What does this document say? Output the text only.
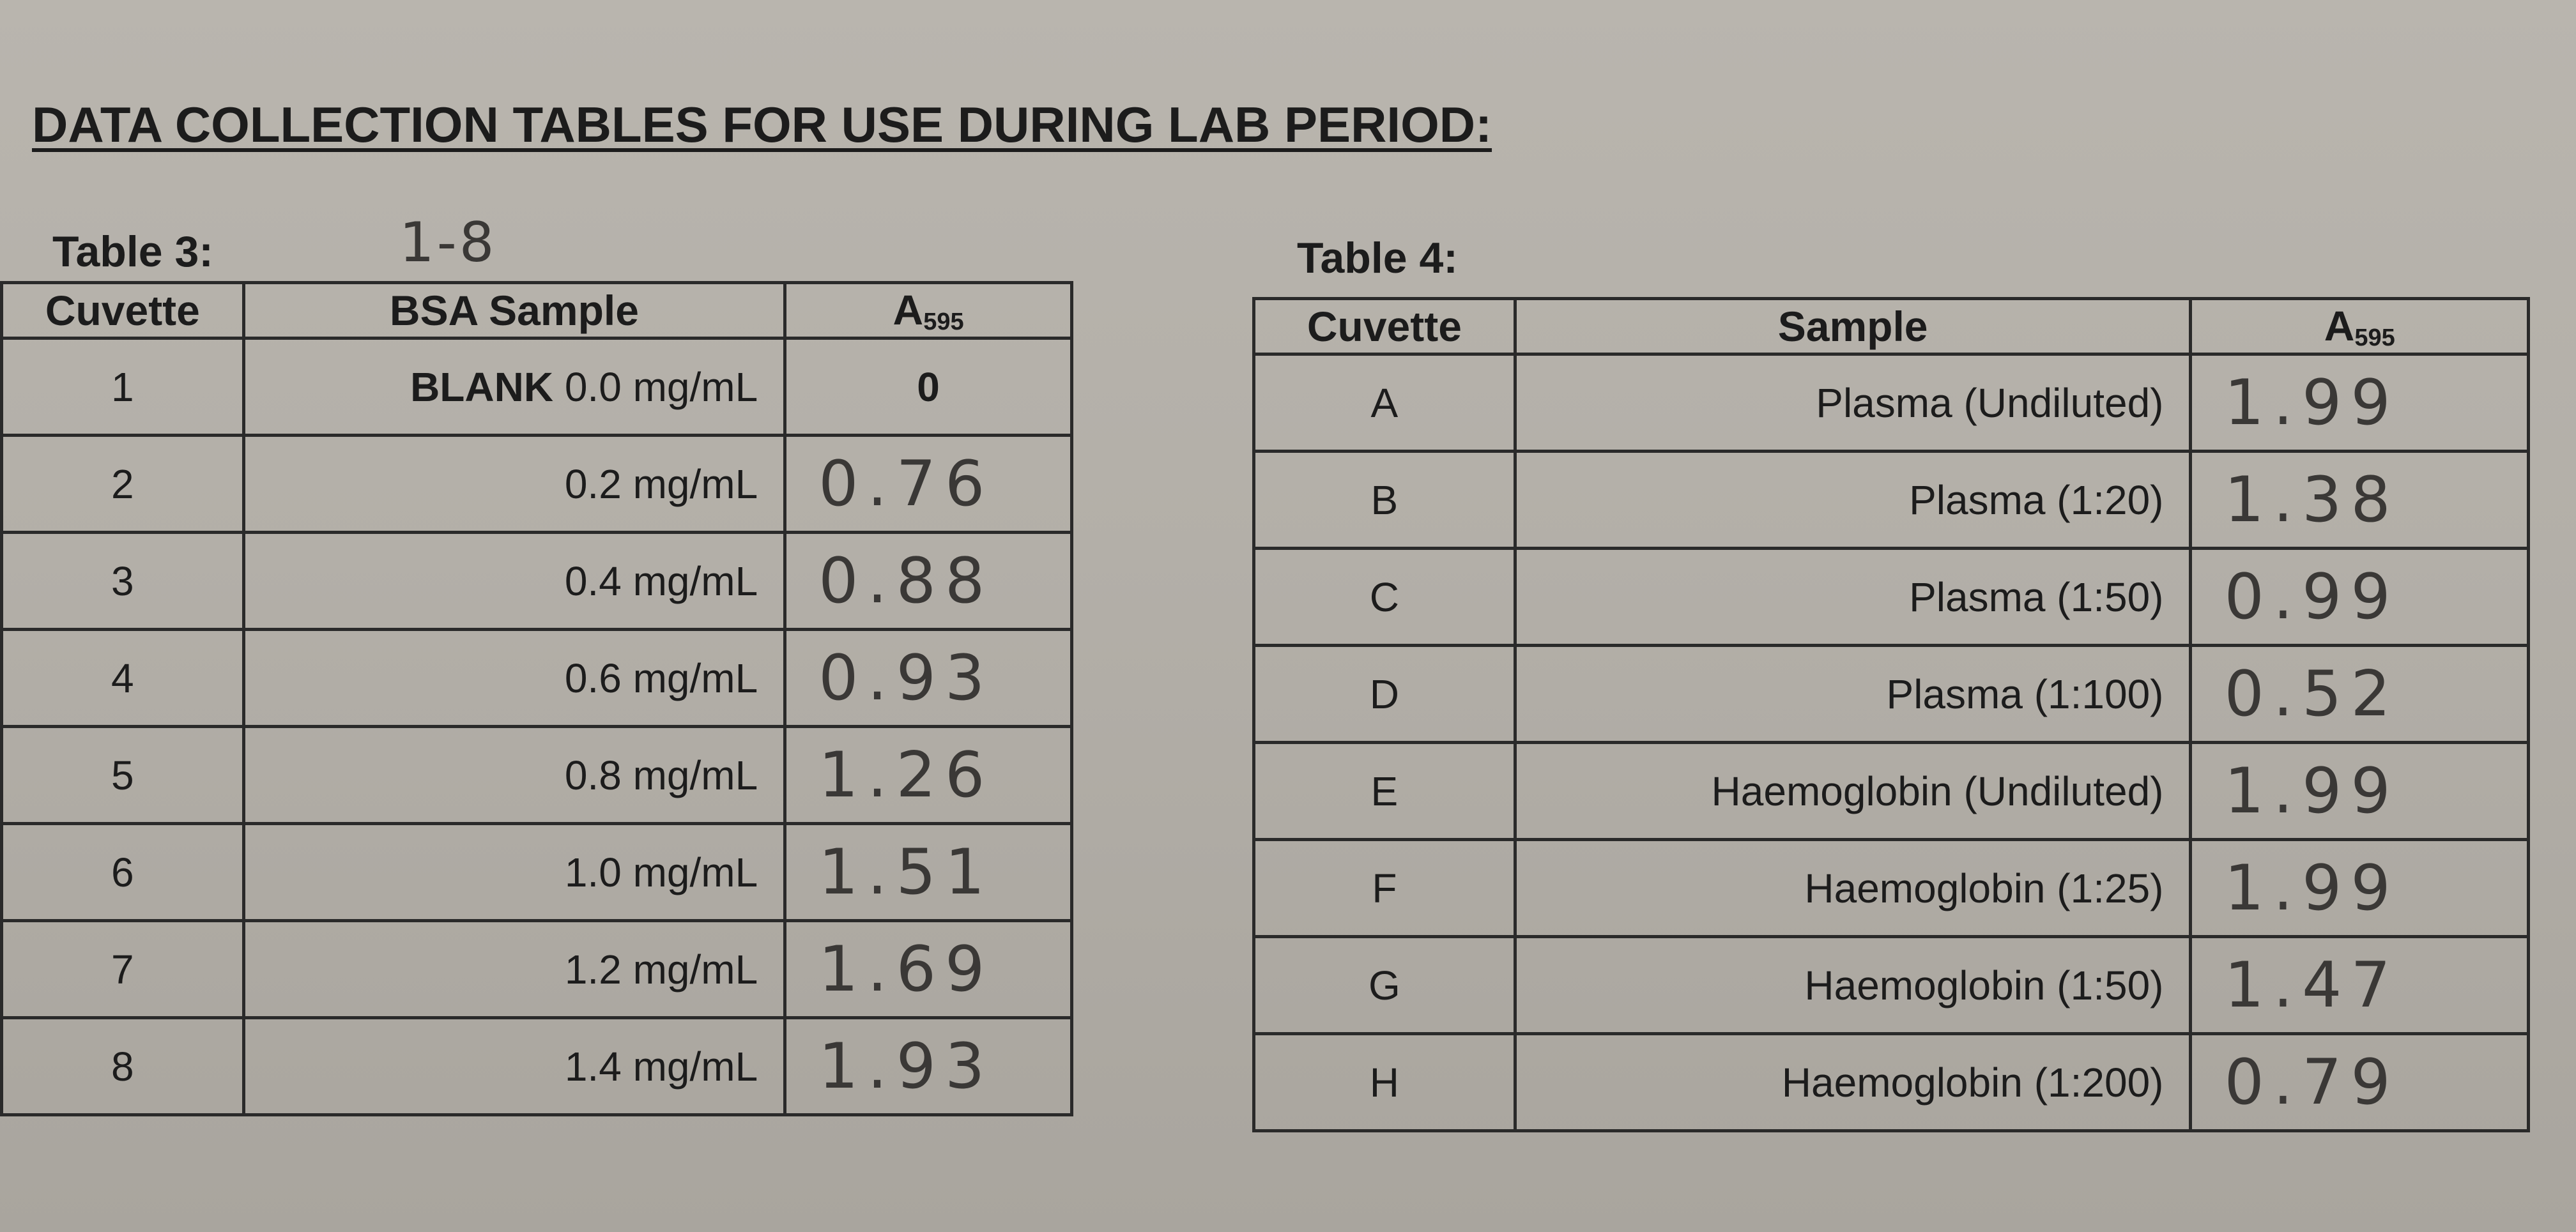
DATA COLLECTION TABLES FOR USE DURING LAB PERIOD:
Table 3:	1-8
Cuvette	BSA Sample	$A_{595}$
1	BLANK 0.0 mg/mL	0
2	0.2 mg/mL	0.76
3	0.4 mg/mL	0.88
4	0.6 mg/mL	0.93
5	0.8 mg/mL	1.26
6	1.0 mg/mL	1.51
7	1.2 mg/mL	1.69
8	1.4 mg/mL	1.93
Table 4:
Cuvette	Sample	$A_{595}$
A	Plasma (Undiluted)	1.99
B	Plasma (1:20)	1.38
C	Plasma (1:50)	0.99
D	Plasma (1:100)	0.52
E	Haemoglobin (Undiluted)	1.99
F	Haemoglobin (1:25)	1.99
G	Haemoglobin (1:50)	1.47
H	Haemoglobin (1:200)	0.79
